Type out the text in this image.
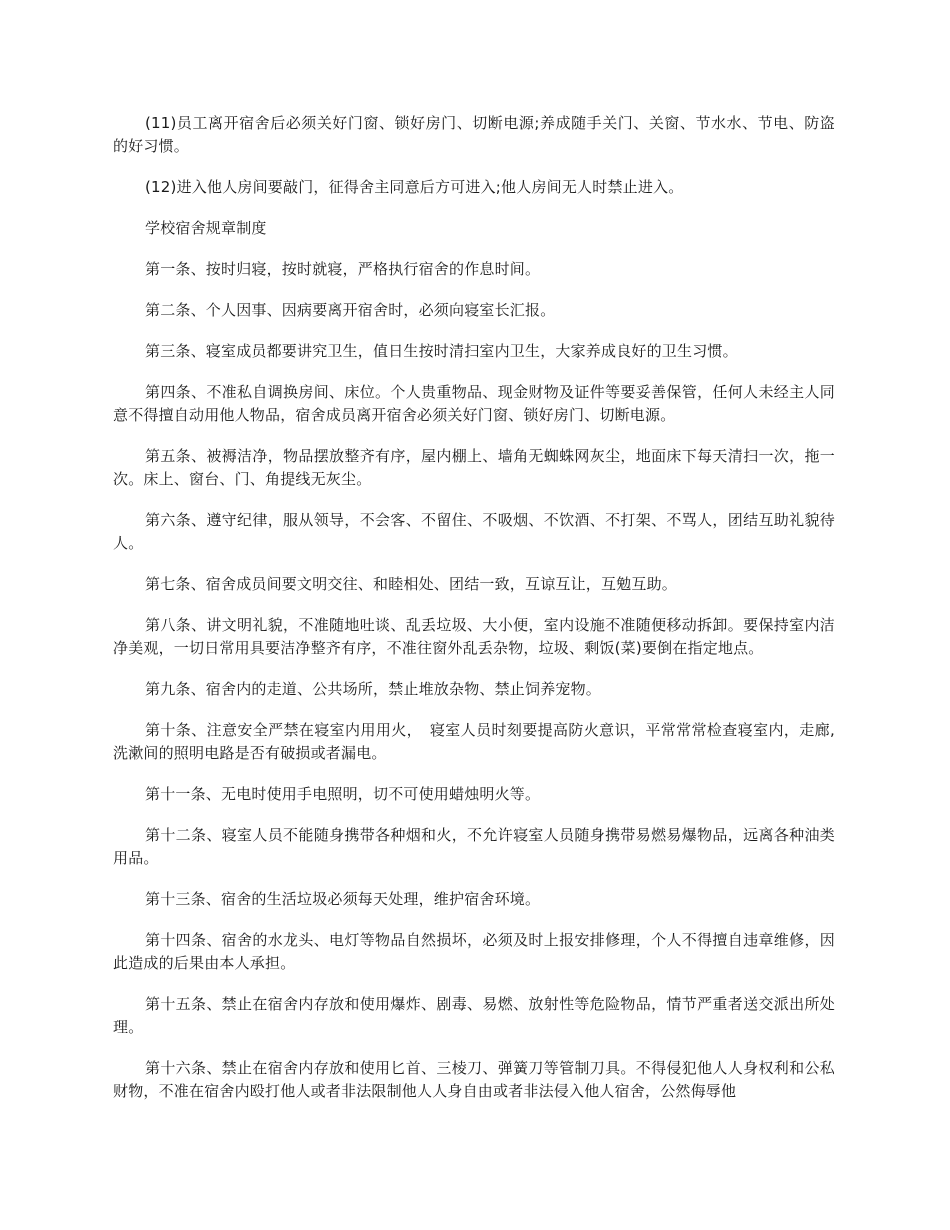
(11)员工离开宿舍后必须关好门窗、锁好房门、切断电源;养成随手关门、关窗、节水水、节电、防盗的好习惯。

(12)进入他人房间要敲门，征得舍主同意后方可进入;他人房间无人时禁止进入。

学校宿舍规章制度

第一条、按时归寝，按时就寝，严格执行宿舍的作息时间。

第二条、个人因事、因病要离开宿舍时，必须向寝室长汇报。

第三条、寝室成员都要讲究卫生，值日生按时清扫室内卫生，大家养成良好的卫生习惯。

第四条、不准私自调换房间、床位。个人贵重物品、现金财物及证件等要妥善保管，任何人未经主人同意不得擅自动用他人物品，宿舍成员离开宿舍必须关好门窗、锁好房门、切断电源。

第五条、被褥洁净，物品摆放整齐有序，屋内棚上、墙角无蜘蛛网灰尘，地面床下每天清扫一次，拖一次。床上、窗台、门、角提线无灰尘。

第六条、遵守纪律，服从领导，不会客、不留住、不吸烟、不饮酒、不打架、不骂人，团结互助礼貌待人。

第七条、宿舍成员间要文明交往、和睦相处、团结一致，互谅互让，互勉互助。

第八条、讲文明礼貌，不准随地吐谈、乱丢垃圾、大小便，室内设施不准随便移动拆卸。要保持室内洁净美观，一切日常用具要洁净整齐有序，不准往窗外乱丢杂物，垃圾、剩饭(菜)要倒在指定地点。

第九条、宿舍内的走道、公共场所，禁止堆放杂物、禁止饲养宠物。

第十条、注意安全严禁在寝室内用用火，　寝室人员时刻要提高防火意识，平常常常检查寝室内，走廊,洗漱间的照明电路是否有破损或者漏电。

第十一条、无电时使用手电照明，切不可使用蜡烛明火等。

第十二条、寝室人员不能随身携带各种烟和火，不允许寝室人员随身携带易燃易爆物品，远离各种油类用品。

第十三条、宿舍的生活垃圾必须每天处理，维护宿舍环境。

第十四条、宿舍的水龙头、电灯等物品自然损坏，必须及时上报安排修理，个人不得擅自违章维修，因此造成的后果由本人承担。

第十五条、禁止在宿舍内存放和使用爆炸、剧毒、易燃、放射性等危险物品，情节严重者送交派出所处理。

第十六条、禁止在宿舍内存放和使用匕首、三棱刀、弹簧刀等管制刀具。不得侵犯他人人身权利和公私财物，不准在宿舍内殴打他人或者非法限制他人人身自由或者非法侵入他人宿舍，公然侮辱他
